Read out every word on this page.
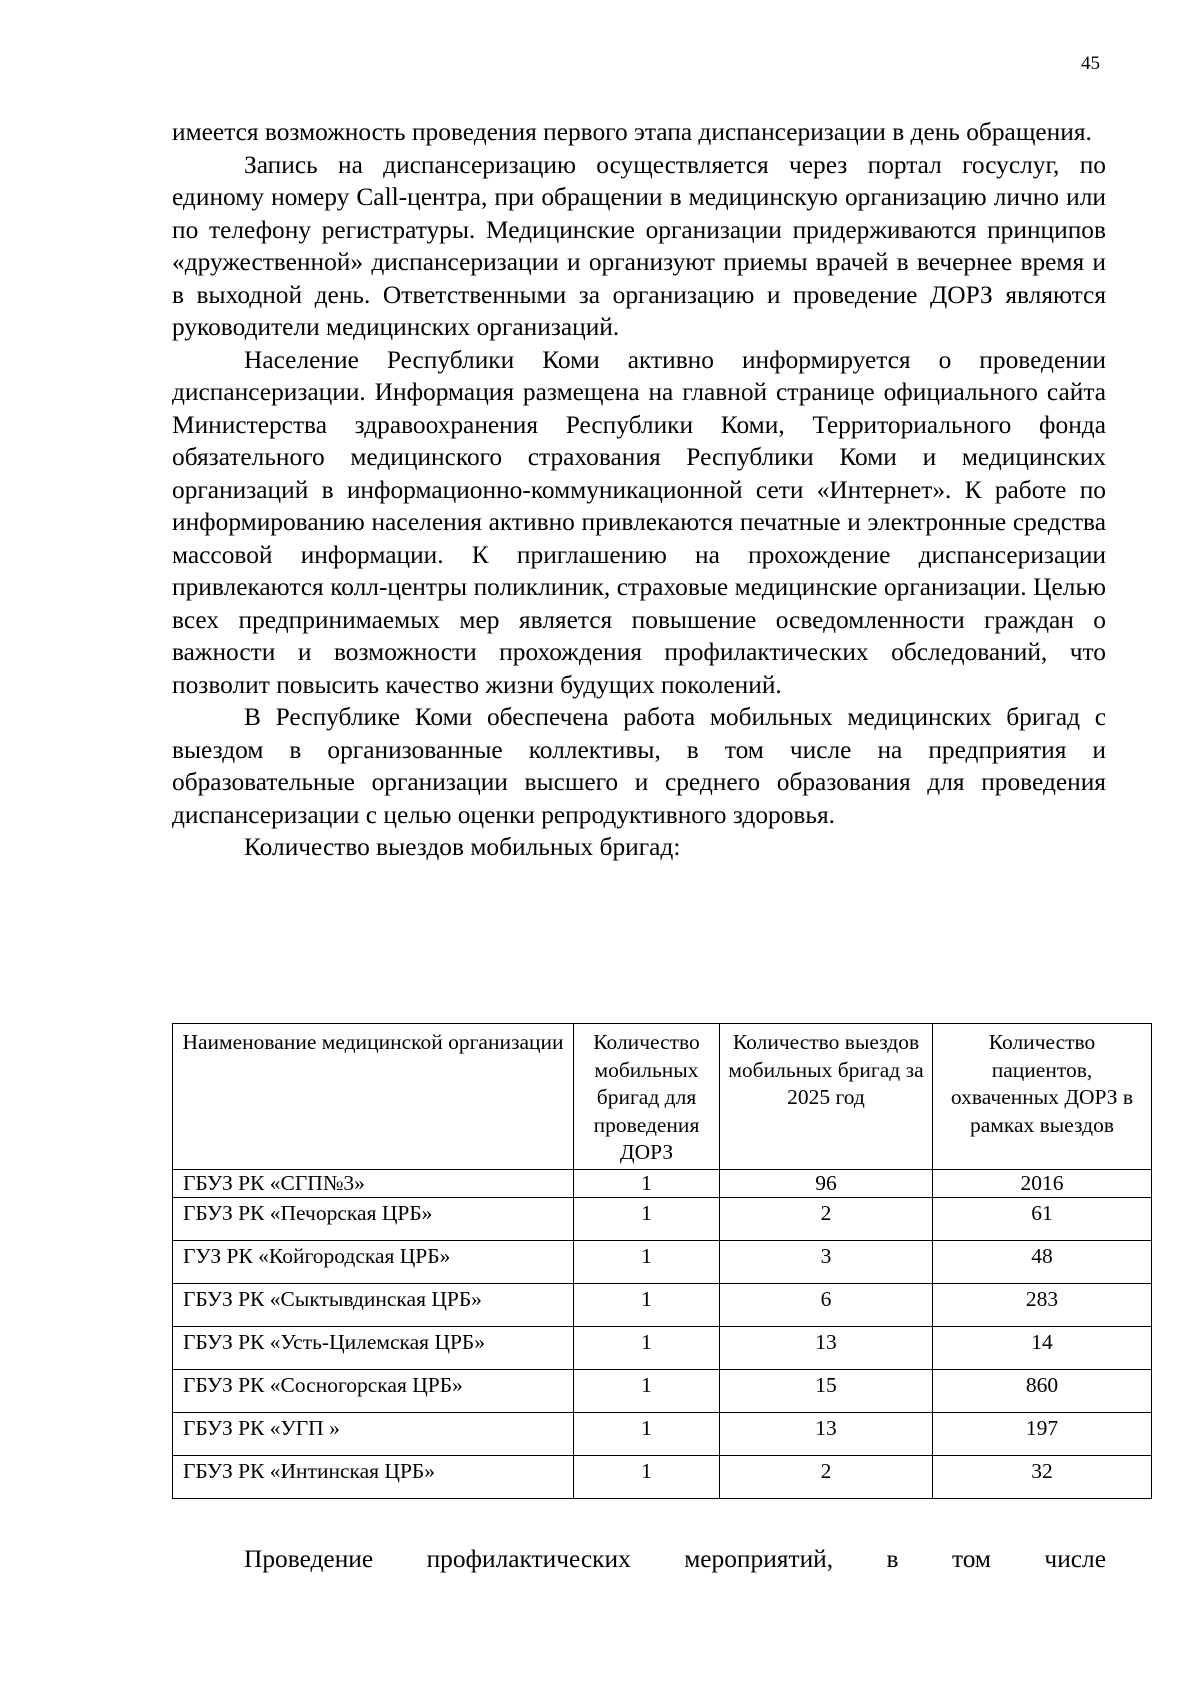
45

имеется возможность проведения первого этапа диспансеризации в день обращения.

Запись на диспансеризацию осуществляется через портал госуслуг, по единому номеру Call-центра, при обращении в медицинскую организацию лично или по телефону регистратуры. Медицинские организации придерживаются принципов «дружественной» диспансеризации и организуют приемы врачей в вечернее время и в выходной день. Ответственными за организацию и проведение ДОРЗ являются руководители медицинских организаций.

Население Республики Коми активно информируется о проведении диспансеризации. Информация размещена на главной странице официального сайта Министерства здравоохранения Республики Коми, Территориального фонда обязательного медицинского страхования Республики Коми и медицинских организаций в информационно-коммуникационной сети «Интернет». К работе по информированию населения активно привлекаются печатные и электронные средства массовой информации. К приглашению на прохождение диспансеризации привлекаются колл-центры поликлиник, страховые медицинские организации. Целью всех предпринимаемых мер является повышение осведомленности граждан о важности и возможности прохождения профилактических обследований, что позволит повысить качество жизни будущих поколений.

В Республике Коми обеспечена работа мобильных медицинских бригад с выездом в организованные коллективы, в том числе на предприятия и образовательные организации высшего и среднего образования для проведения диспансеризации с целью оценки репродуктивного здоровья.

Количество выездов мобильных бригад:

Наименование медицинской организации	Количество мобильных бригад для проведения ДОРЗ	Количество выездов мобильных бригад за 2025 год	Количество пациентов, охваченных ДОРЗ в рамках выездов
ГБУЗ РК «СГП№3»	1	96	2016
ГБУЗ РК «Печорская ЦРБ»	1	2	61
ГУЗ РК «Койгородская ЦРБ»	1	3	48
ГБУЗ РК «Сыктывдинская ЦРБ»	1	6	283
ГБУЗ РК «Усть-Цилемская ЦРБ»	1	13	14
ГБУЗ РК «Сосногорская ЦРБ»	1	15	860
ГБУЗ РК «УГП »	1	13	197
ГБУЗ РК «Интинская ЦРБ»	1	2	32
Проведение профилактических мероприятий, в том числе
